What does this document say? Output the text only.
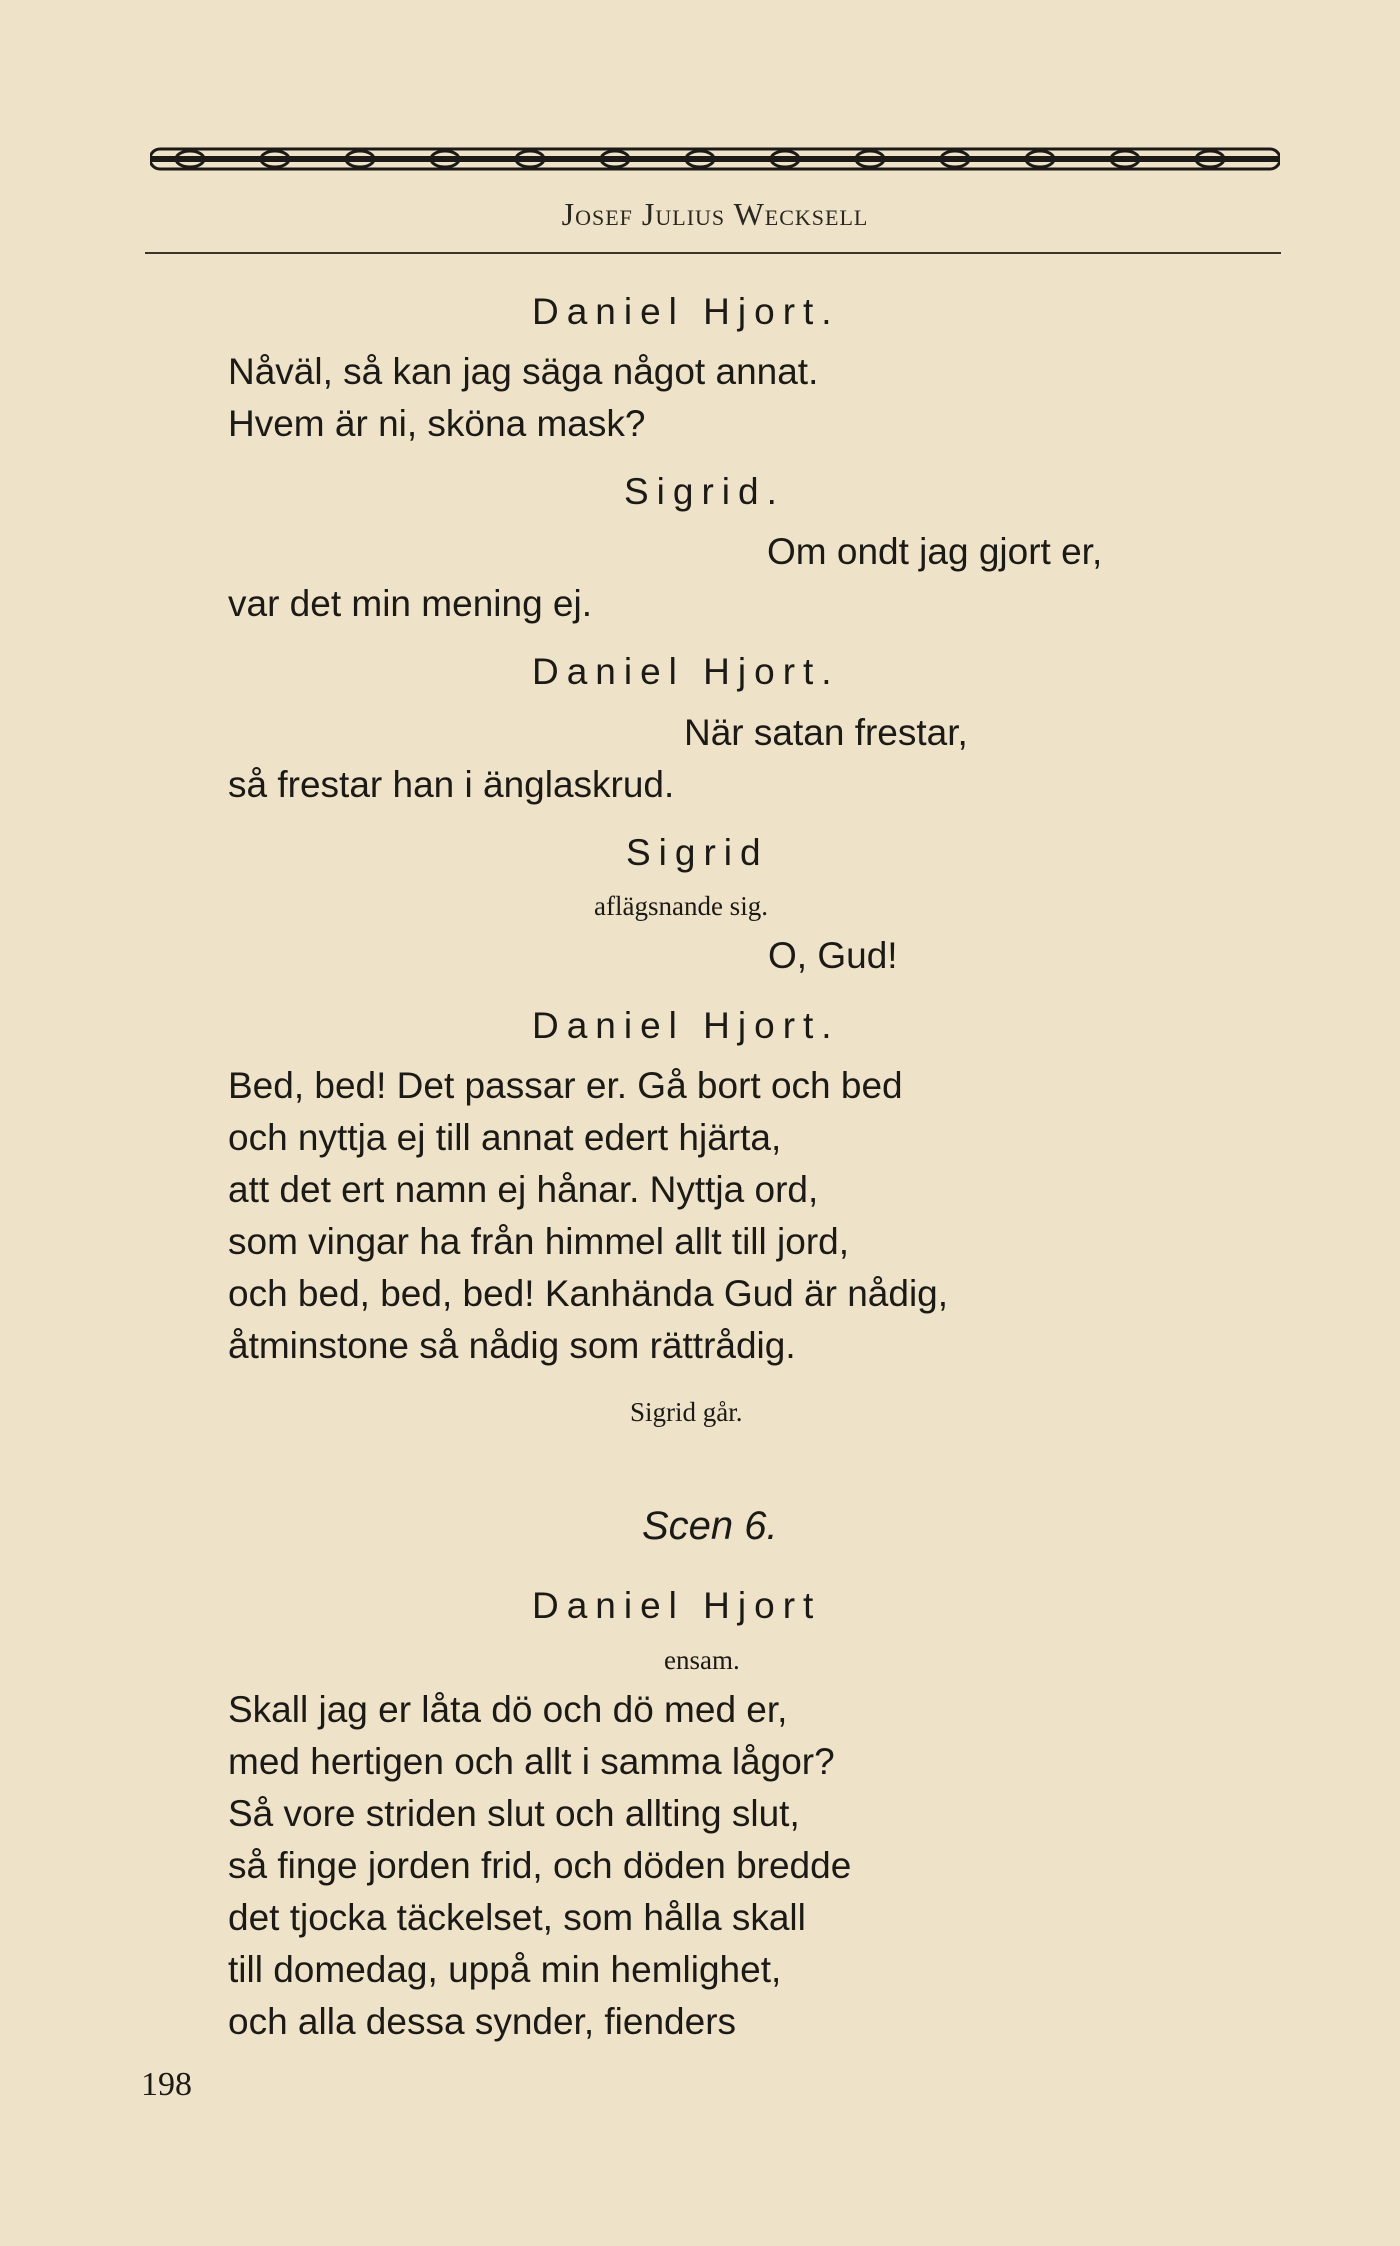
Josef Julius Wecksell
Daniel Hjort.
Nåväl, så kan jag säga något annat.
Hvem är ni, sköna mask?
Sigrid.
Om ondt jag gjort er,
var det min mening ej.
Daniel Hjort.
När satan frestar,
så frestar han i änglaskrud.
Sigrid
aflägsnande sig.
O, Gud!
Daniel Hjort.
Bed, bed! Det passar er. Gå bort och bed
och nyttja ej till annat edert hjärta,
att det ert namn ej hånar. Nyttja ord,
som vingar ha från himmel allt till jord,
och bed, bed, bed! Kanhända Gud är nådig,
åtminstone så nådig som rättrådig.
Sigrid går.
Scen 6.
Daniel Hjort
ensam.
Skall jag er låta dö och dö med er,
med hertigen och allt i samma lågor?
Så vore striden slut och allting slut,
så finge jorden frid, och döden bredde
det tjocka täckelset, som hålla skall
till domedag, uppå min hemlighet,
och alla dessa synder, fienders
198
